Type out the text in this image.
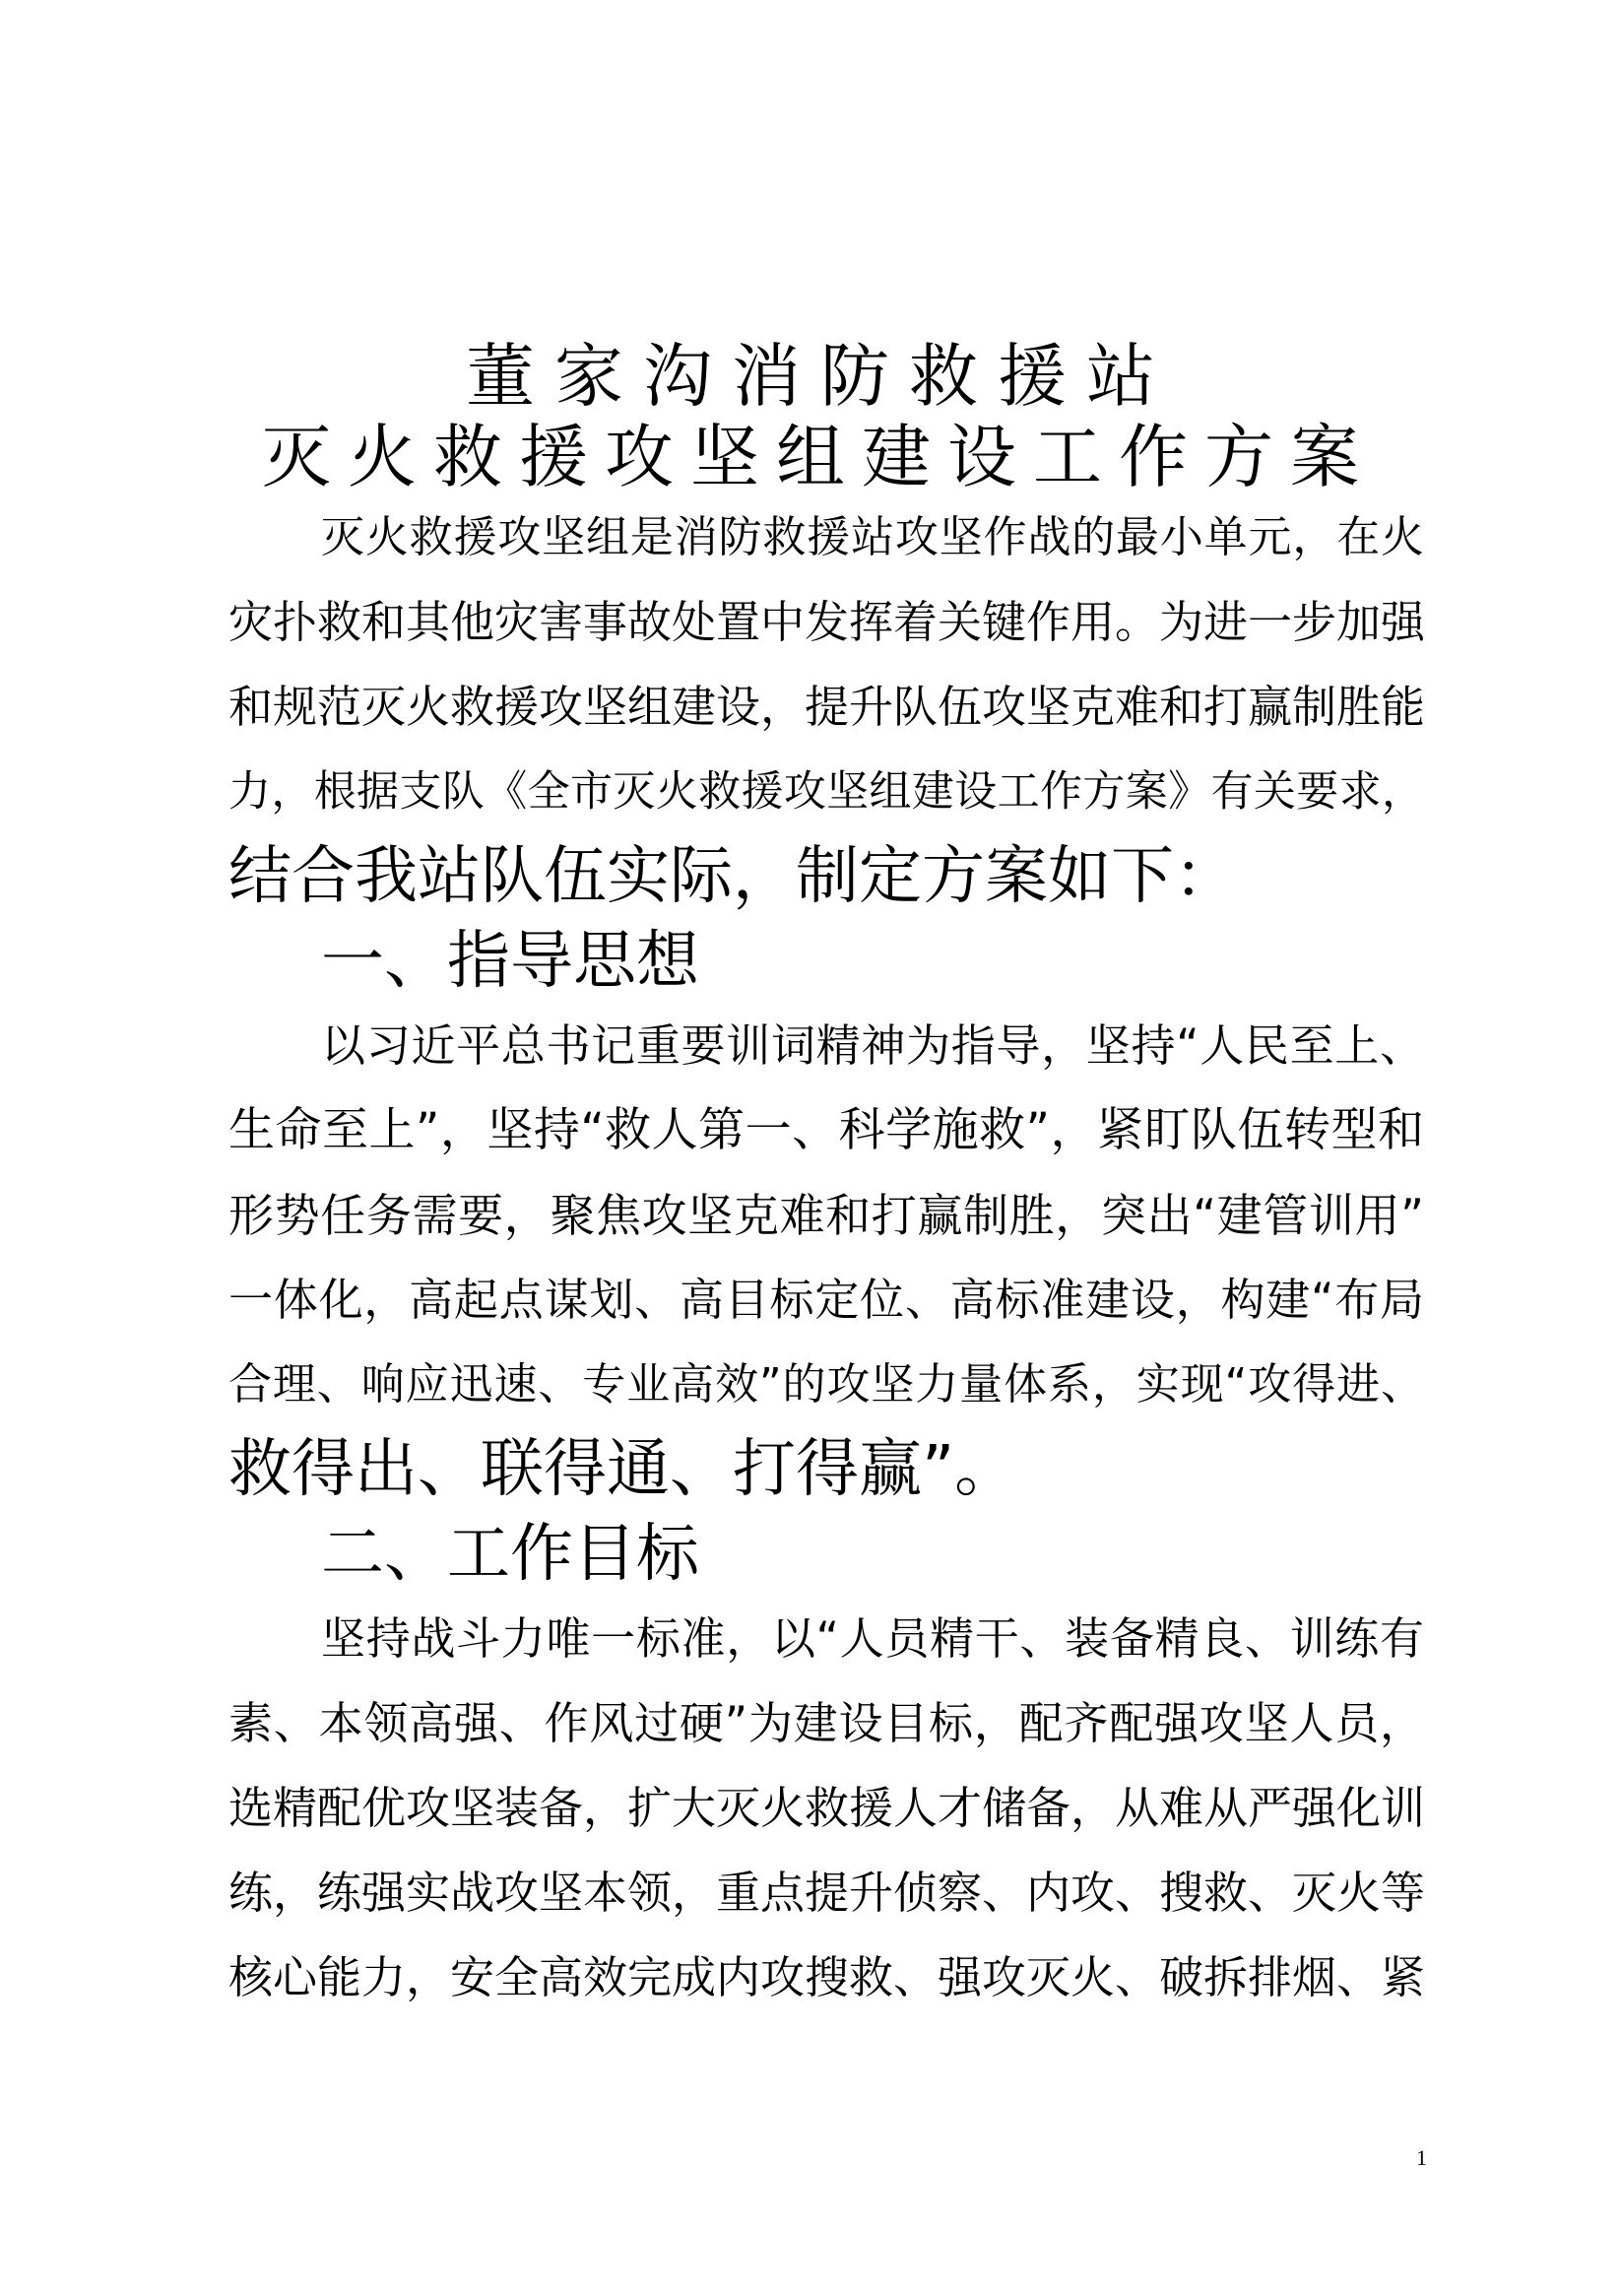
董家沟消防救援站
灭火救援攻坚组建设工作方案
灭火救援攻坚组是消防救援站攻坚作战的最小单元，在火
灾扑救和其他灾害事故处置中发挥着关键作用。为进一步加强
和规范灭火救援攻坚组建设，提升队伍攻坚克难和打赢制胜能
力，根据支队《全市灭火救援攻坚组建设工作方案》有关要求，
结合我站队伍实际，制定方案如下：
一、指导思想
以习近平总书记重要训词精神为指导，坚持“人民至上、
生命至上”，坚持“救人第一、科学施救”，紧盯队伍转型和
形势任务需要，聚焦攻坚克难和打赢制胜，突出“建管训用”
一体化，高起点谋划、高目标定位、高标准建设，构建“布局
合理、响应迅速、专业高效”的攻坚力量体系，实现“攻得进、
救得出、联得通、打得赢”。
二、工作目标
坚持战斗力唯一标准，以“人员精干、装备精良、训练有
素、本领高强、作风过硬”为建设目标，配齐配强攻坚人员，
选精配优攻坚装备，扩大灭火救援人才储备，从难从严强化训
练，练强实战攻坚本领，重点提升侦察、内攻、搜救、灭火等
核心能力，安全高效完成内攻搜救、强攻灭火、破拆排烟、紧
1
